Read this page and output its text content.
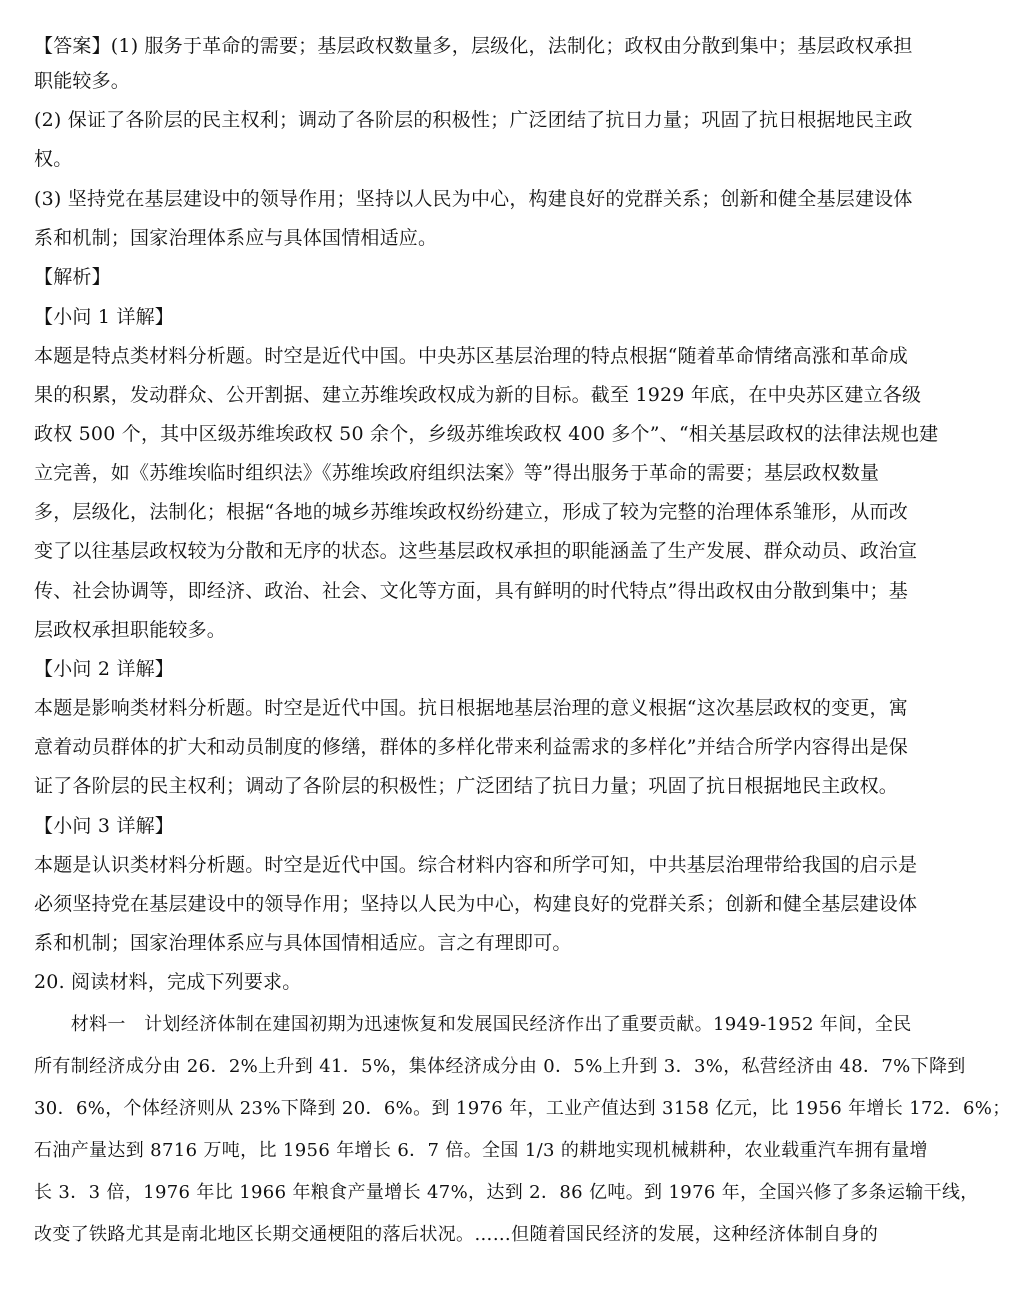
【答案】(1) 服务于革命的需要；基层政权数量多，层级化，法制化；政权由分散到集中；基层政权承担
职能较多。
(2) 保证了各阶层的民主权利；调动了各阶层的积极性；广泛团结了抗日力量；巩固了抗日根据地民主政
权。
(3) 坚持党在基层建设中的领导作用；坚持以人民为中心，构建良好的党群关系；创新和健全基层建设体
系和机制；国家治理体系应与具体国情相适应。
【解析】
【小问 1 详解】
本题是特点类材料分析题。时空是近代中国。中央苏区基层治理的特点根据“随着革命情绪高涨和革命成
果的积累，发动群众、公开割据、建立苏维埃政权成为新的目标。截至 1929 年底，在中央苏区建立各级
政权 500 个，其中区级苏维埃政权 50 余个，乡级苏维埃政权 400 多个”、“相关基层政权的法律法规也建
立完善，如《苏维埃临时组织法》《苏维埃政府组织法案》等”得出服务于革命的需要；基层政权数量
多，层级化，法制化；根据“各地的城乡苏维埃政权纷纷建立，形成了较为完整的治理体系雏形，从而改
变了以往基层政权较为分散和无序的状态。这些基层政权承担的职能涵盖了生产发展、群众动员、政治宣
传、社会协调等，即经济、政治、社会、文化等方面，具有鲜明的时代特点”得出政权由分散到集中；基
层政权承担职能较多。
【小问 2 详解】
本题是影响类材料分析题。时空是近代中国。抗日根据地基层治理的意义根据“这次基层政权的变更，寓
意着动员群体的扩大和动员制度的修缮，群体的多样化带来利益需求的多样化”并结合所学内容得出是保
证了各阶层的民主权利；调动了各阶层的积极性；广泛团结了抗日力量；巩固了抗日根据地民主政权。
【小问 3 详解】
本题是认识类材料分析题。时空是近代中国。综合材料内容和所学可知，中共基层治理带给我国的启示是
必须坚持党在基层建设中的领导作用；坚持以人民为中心，构建良好的党群关系；创新和健全基层建设体
系和机制；国家治理体系应与具体国情相适应。言之有理即可。
20. 阅读材料，完成下列要求。
　　材料一　计划经济体制在建国初期为迅速恢复和发展国民经济作出了重要贡献。1949-1952 年间，全民
所有制经济成分由 26．2%上升到 41．5%，集体经济成分由 0．5%上升到 3．3%，私营经济由 48．7%下降到
30．6%，个体经济则从 23%下降到 20．6%。到 1976 年，工业产值达到 3158 亿元，比 1956 年增长 172．6%；
石油产量达到 8716 万吨，比 1956 年增长 6．7 倍。全国 1/3 的耕地实现机械耕种，农业载重汽车拥有量增
长 3．3 倍，1976 年比 1966 年粮食产量增长 47%，达到 2．86 亿吨。到 1976 年，全国兴修了多条运输干线，
改变了铁路尤其是南北地区长期交通梗阻的落后状况。……但随着国民经济的发展，这种经济体制自身的
